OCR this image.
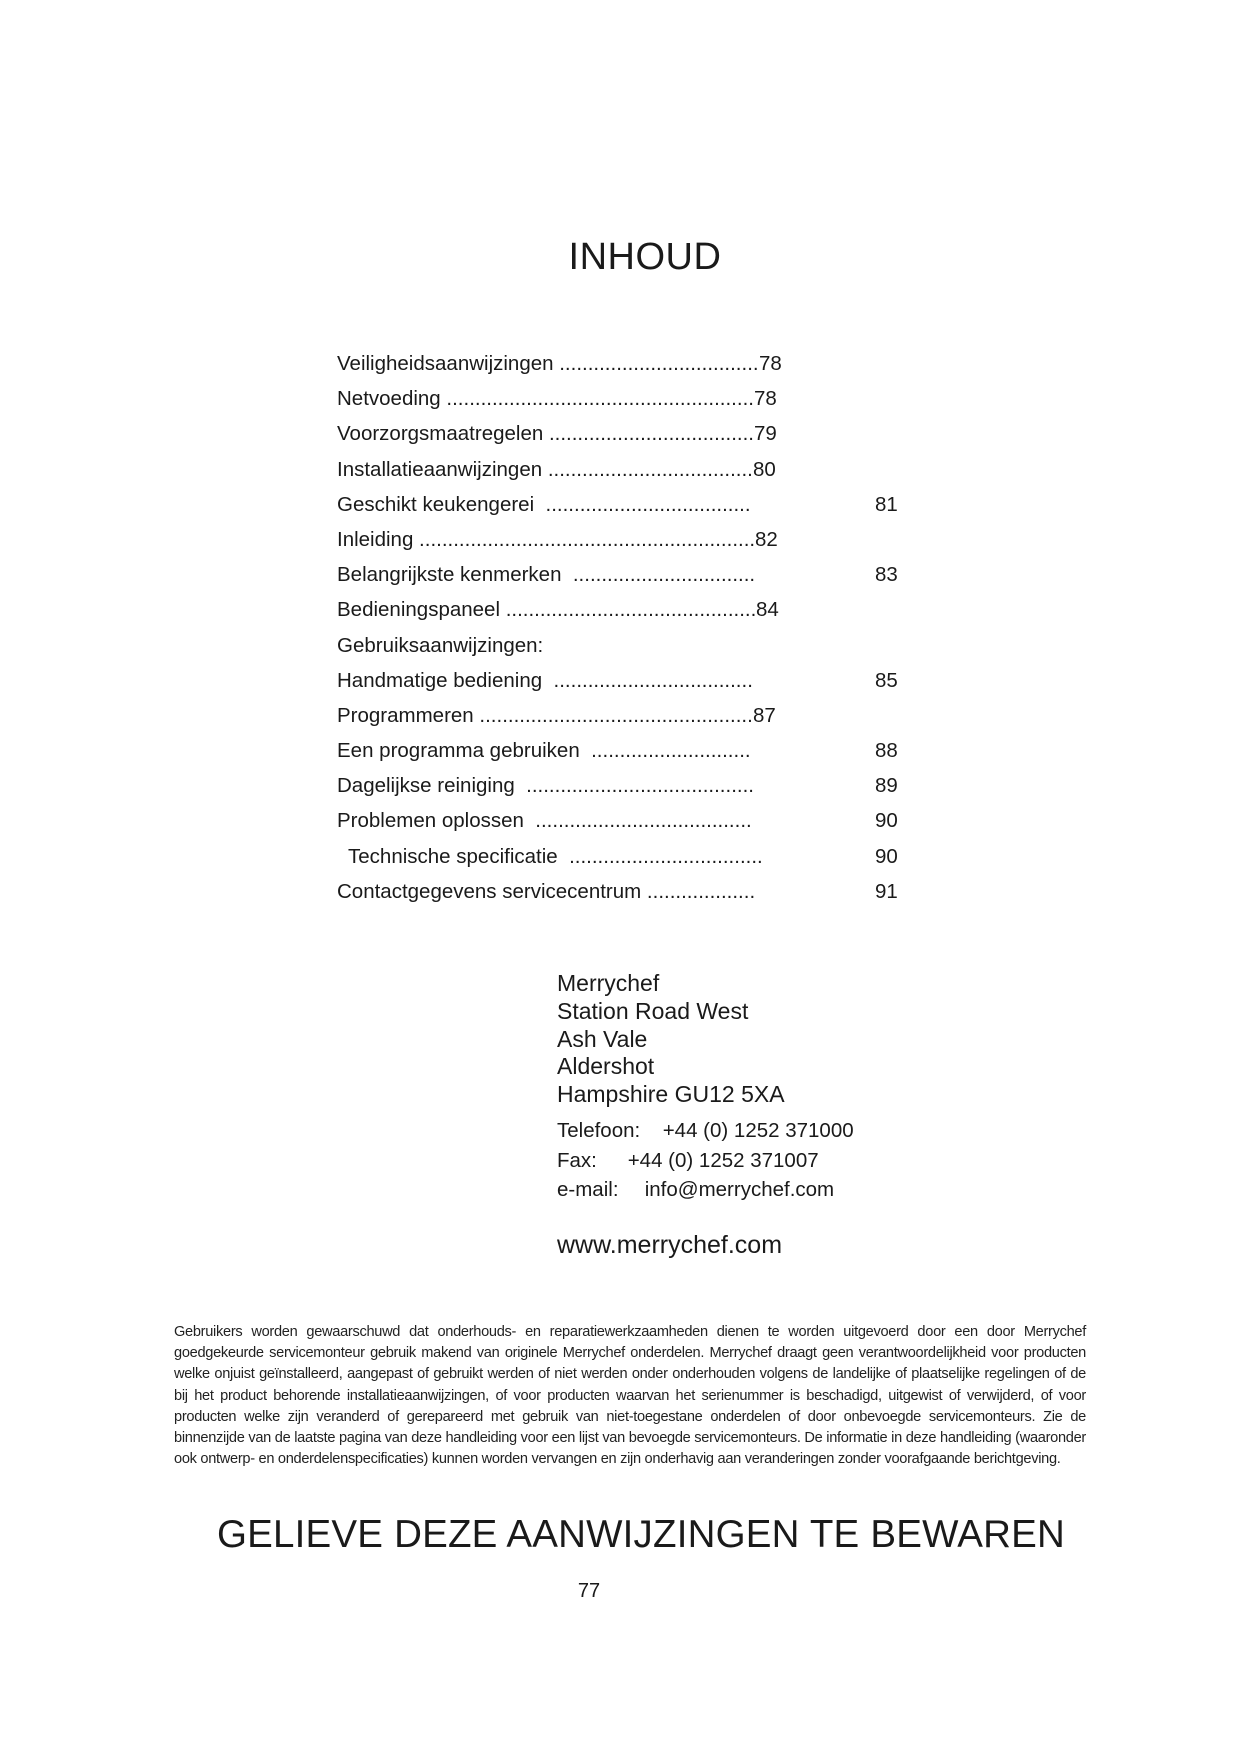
INHOUD
Veiligheidsaanwijzingen ................................... 78
Netvoeding ...................................................... 78
Voorzorgsmaatregelen .................................... 79
Installatieaanwijzingen .................................... 80
Geschikt keukengerei  ....................................	81
Inleiding ........................................................... 82
Belangrijkste kenmerken  ................................	83
Bedieningspaneel ............................................ 84
Gebruiksaanwijzingen:
Handmatige bediening  ...................................	85
Programmeren ................................................ 87
Een programma gebruiken  ............................	88
Dagelijkse reiniging  ........................................	89
Problemen oplossen  ......................................	90
Technische specificatie  ..................................	90
Contactgegevens servicecentrum ...................	91
Merrychef
Station Road West
Ash Vale
Aldershot
Hampshire GU12 5XA
Telefoon: +44 (0) 1252 371000
Fax: +44 (0) 1252 371007
e-mail: info@merrychef.com
www.merrychef.com
Gebruikers worden gewaarschuwd dat onderhouds- en reparatiewerkzaamheden dienen te worden uitgevoerd door een door Merrychef goedgekeurde servicemonteur gebruik makend van originele Merrychef onderdelen. Merrychef draagt geen verantwoordelijkheid voor producten welke onjuist geïnstalleerd, aangepast of gebruikt werden of niet werden onder onderhouden volgens de landelijke of plaatselijke regelingen of de bij het product behorende installatieaanwijzingen, of voor producten waarvan het serienummer is beschadigd, uitgewist of verwijderd, of voor producten welke zijn veranderd of gerepareerd met gebruik van niet-toegestane onderdelen of door onbevoegde servicemonteurs. Zie de binnenzijde van de laatste pagina van deze handleiding voor een lijst van bevoegde servicemonteurs. De informatie in deze handleiding (waaronder ook ontwerp- en onderdelenspecificaties) kunnen worden vervangen en zijn onderhavig aan veranderingen zonder voorafgaande berichtgeving.
GELIEVE DEZE AANWIJZINGEN TE BEWAREN
77
